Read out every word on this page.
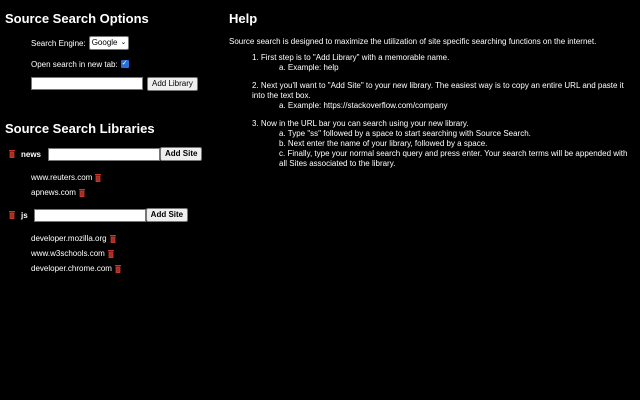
Source Search Options
Search Engine: Google ⌄
Open search in new tab: ✓
Add Library
Source Search Libraries
news	Add Site
www.reuters.com
apnews.com
js	Add Site
developer.mozilla.org
www.w3schools.com
developer.chrome.com
Help

Source search is designed to maximize the utilization of site specific searching functions on the internet.

1. First step is to "Add Library" with a memorable name.
a. Example: help
2. Next you'll want to "Add Site" to your new library. The easiest way is to copy an entire URL and paste it into the text box.
a. Example: https://stackoverflow.com/company
3. Now in the URL bar you can search using your new library.
a. Type "ss" followed by a space to start searching with Source Search.
b. Next enter the name of your library, followed by a space.
c. Finally, type your normal search query and press enter. Your search terms will be appended with all Sites associated to the library.
